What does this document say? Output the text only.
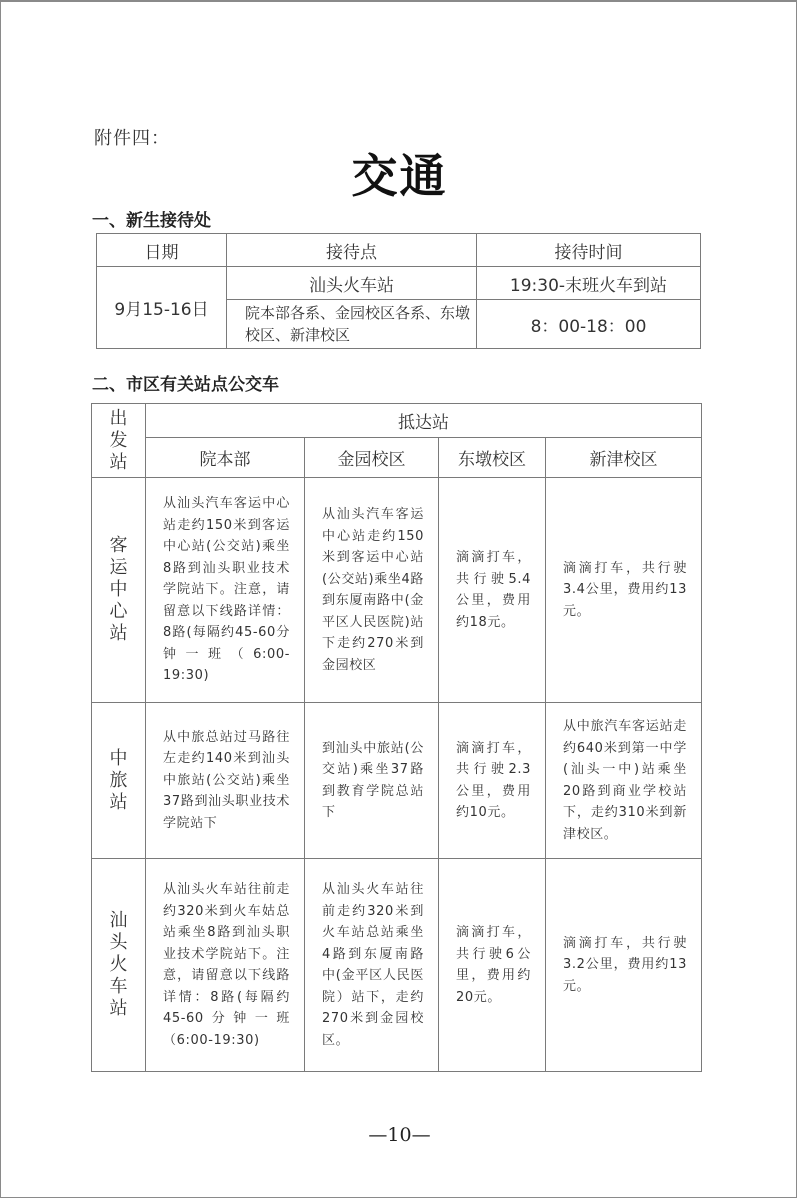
附件四：
交通
一、新生接待处
日期	接待点	接待时间
9月15-16日	汕头火车站	19:30-末班火车到站
	院本部各系、金园校区各系、东墩校区、新津校区	8：00-18：00
二、市区有关站点公交车
出发站	抵达站			
	院本部	金园校区	东墩校区	新津校区

客运中心站	从汕头汽车客运中心站走约150米到客运中心站(公交站)乘坐8路到汕头职业技术学院站下。注意，请留意以下线路详情：8路(每隔约45-60分钟一班（6:00-19:30)	从汕头汽车客运中心站走约150米到客运中心站(公交站)乘坐4路到东厦南路中(金平区人民医院)站下走约270米到金园校区	滴滴打车，共行驶5.4公里，费用约18元。	滴滴打车，共行驶3.4公里，费用约13元。

中旅站	从中旅总站过马路往左走约140米到汕头中旅站(公交站)乘坐37路到汕头职业技术学院站下	到汕头中旅站(公交站)乘坐37路到教育学院总站下	滴滴打车，共行驶2.3公里，费用约10元。	从中旅汽车客运站走约640米到第一中学(汕头一中)站乘坐20路到商业学校站下，走约310米到新津校区。

汕头火车站	从汕头火车站往前走约320米到火车姑总站乘坐8路到汕头职业技术学院站下。注意，请留意以下线路详情：8路(每隔约45-60分钟一班（6:00-19:30)	从汕头火车站往前走约320米到火车站总站乘坐4路到东厦南路中(金平区人民医院）站下，走约270米到金园校区。	滴滴打车，共行驶6公里，费用约20元。	滴滴打车，共行驶3.2公里，费用约13元。
—10—
